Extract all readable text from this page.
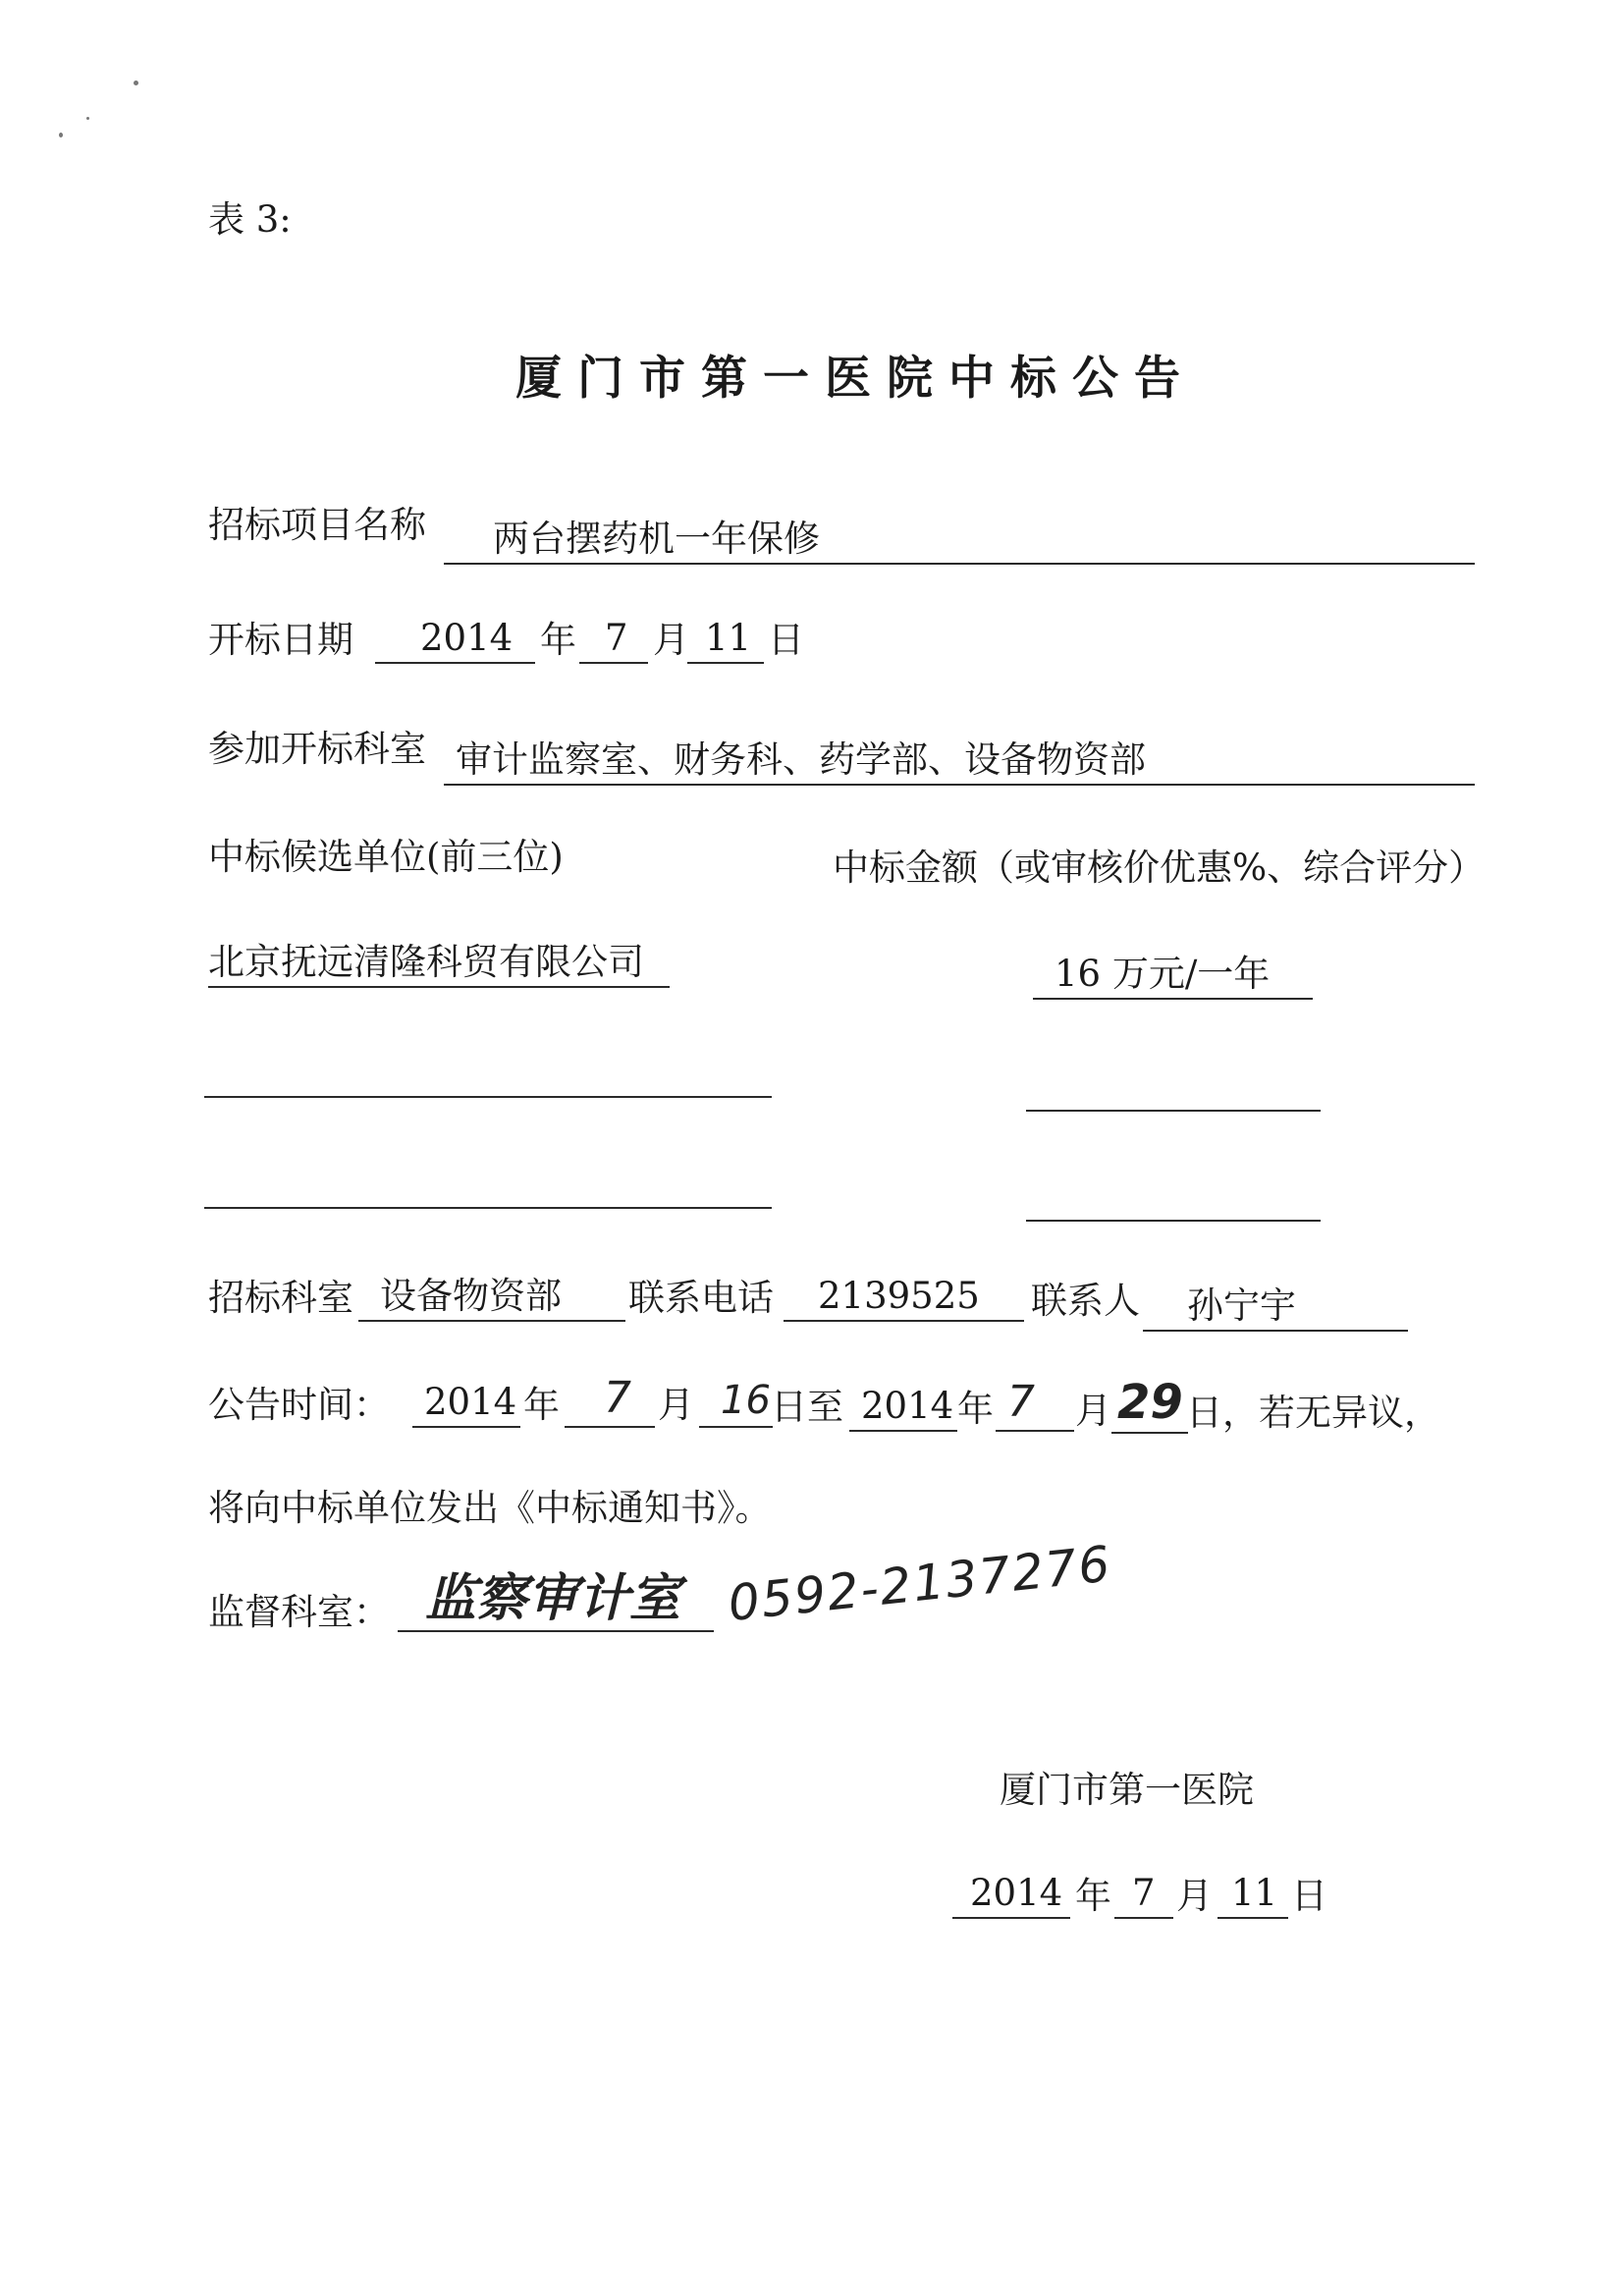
表 3:
厦门市第一医院中标公告
招标项目名称 两台摆药机一年保修
开标日期 2014 年 7 月 11 日
参加开标科室 审计监察室、财务科、药学部、设备物资部
中标候选单位(前三位)	中标金额（或审核价优惠%、综合评分）
北京抚远清隆科贸有限公司	16 万元/一年
招标科室 设备物资部 联系电话 2139525 联系人 孙宁宇
公告时间： 2014 年 7 月 16 日至 2014 年 7 月 29 日，若无异议，
将向中标单位发出《中标通知书》。
监督科室： 监察审计室 0592-2137276
厦门市第一医院
2014 年 7 月 11 日
